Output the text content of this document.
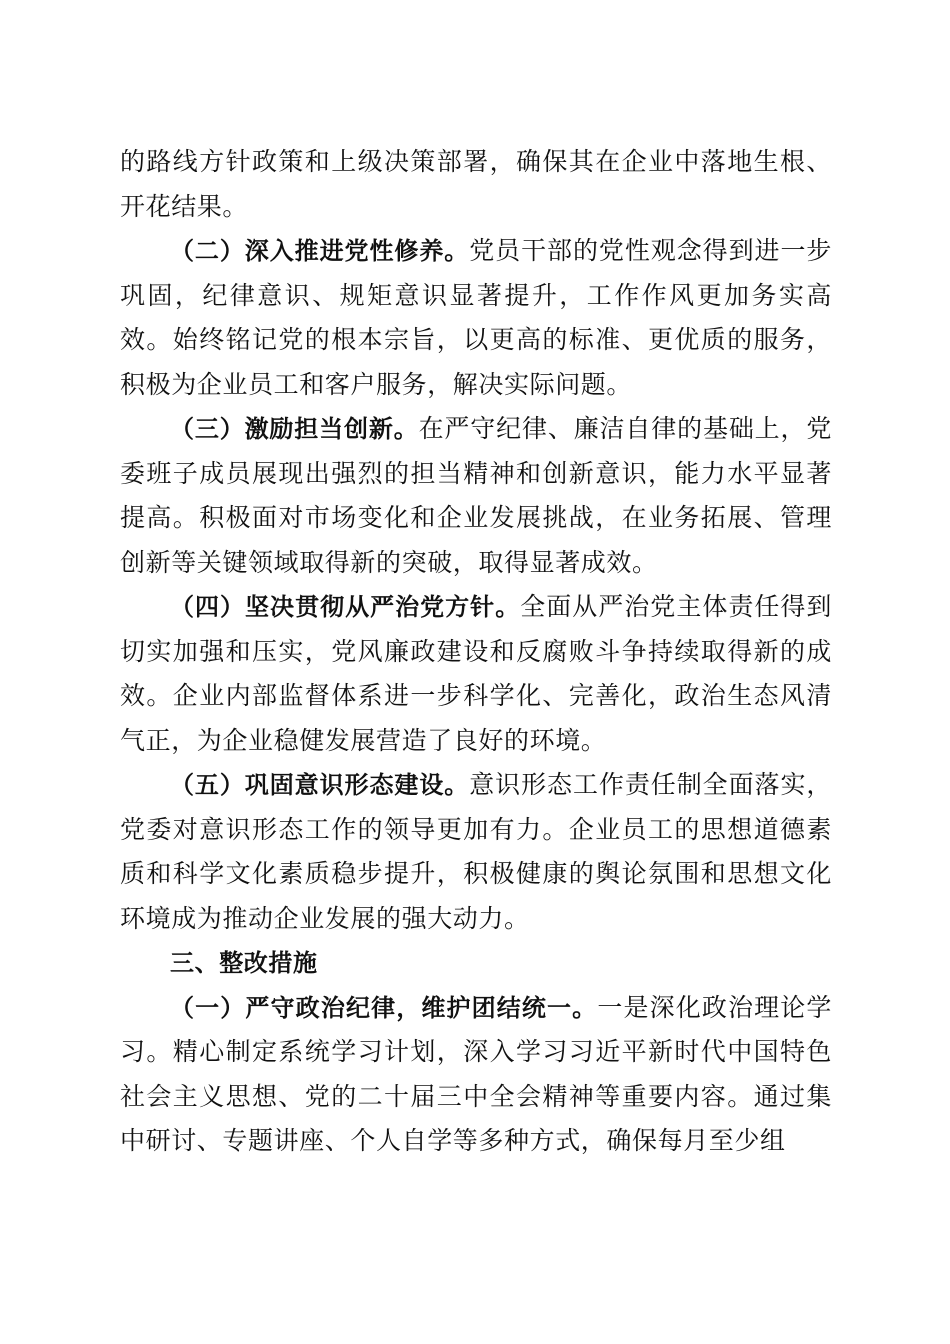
的路线方针政策和上级决策部署，确保其在企业中落地生根、开花结果。

（二）深入推进党性修养。党员干部的党性观念得到进一步巩固，纪律意识、规矩意识显著提升，工作作风更加务实高效。始终铭记党的根本宗旨，以更高的标准、更优质的服务，积极为企业员工和客户服务，解决实际问题。

（三）激励担当创新。在严守纪律、廉洁自律的基础上，党委班子成员展现出强烈的担当精神和创新意识，能力水平显著提高。积极面对市场变化和企业发展挑战，在业务拓展、管理创新等关键领域取得新的突破，取得显著成效。

（四）坚决贯彻从严治党方针。全面从严治党主体责任得到切实加强和压实，党风廉政建设和反腐败斗争持续取得新的成效。企业内部监督体系进一步科学化、完善化，政治生态风清气正，为企业稳健发展营造了良好的环境。

（五）巩固意识形态建设。意识形态工作责任制全面落实，党委对意识形态工作的领导更加有力。企业员工的思想道德素质和科学文化素质稳步提升，积极健康的舆论氛围和思想文化环境成为推动企业发展的强大动力。

三、整改措施

（一）严守政治纪律，维护团结统一。一是深化政治理论学习。精心制定系统学习计划，深入学习习近平新时代中国特色社会主义思想、党的二十届三中全会精神等重要内容。通过集中研讨、专题讲座、个人自学等多种方式，确保每月至少组
